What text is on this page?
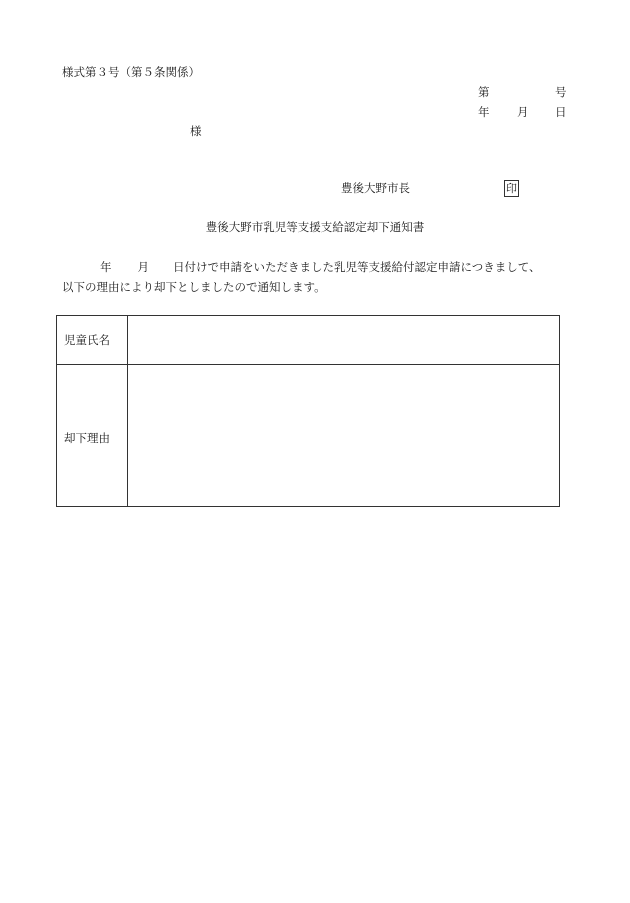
様式第３号（第５条関係）
第	号
年 月 日
様
豊後大野市長	印
豊後大野市乳児等支援支給認定却下通知書
年 月 日付けで申請をいただきました乳児等支援給付認定申請につきまして、
以下の理由により却下としましたので通知します。
児童氏名
却下理由
